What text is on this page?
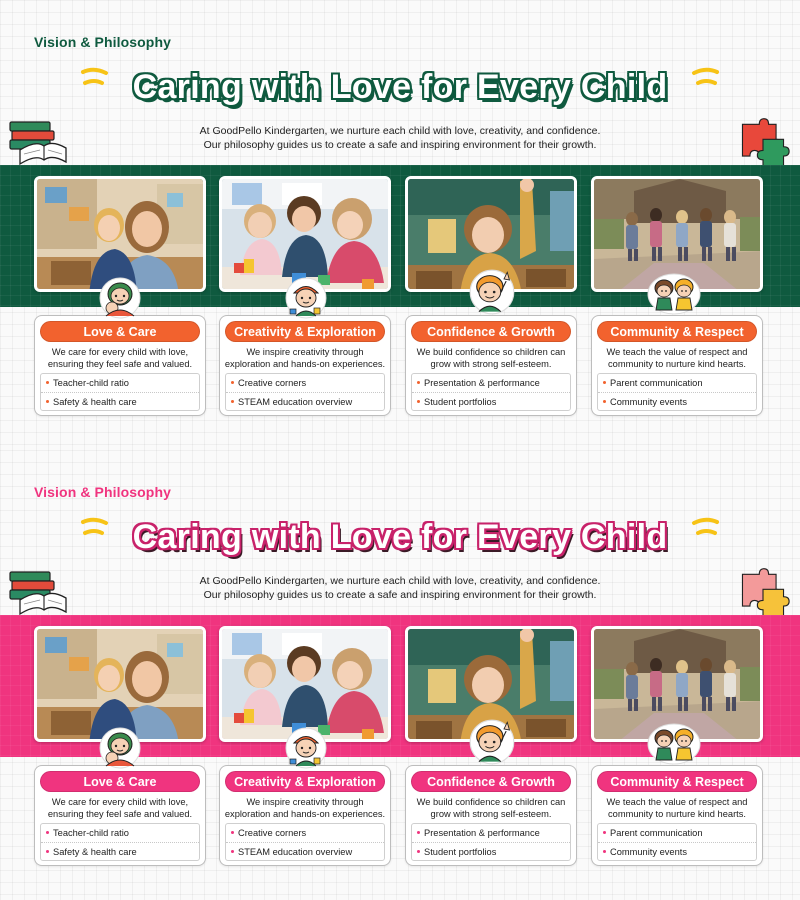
Vision & Philosophy
Caring with Love for Every Child
At GoodPello Kindergarten, we nurture each child with love, creativity, and confidence.
Our philosophy guides us to create a safe and inspiring environment for their growth.
Love & Care
We care for every child with love,
ensuring they feel safe and valued.
Teacher-child ratio
Safety & health care
Creativity & Exploration
We inspire creativity through
exploration and hands-on experiences.
Creative corners
STEAM education overview
Confidence & Growth
We build confidence so children can
grow with strong self-esteem.
Presentation & performance
Student portfolios
Community & Respect
We teach the value of respect and
community to nurture kind hearts.
Parent communication
Community events
Vision & Philosophy
Caring with Love for Every Child
At GoodPello Kindergarten, we nurture each child with love, creativity, and confidence.
Our philosophy guides us to create a safe and inspiring environment for their growth.
Love & Care
We care for every child with love,
ensuring they feel safe and valued.
Teacher-child ratio
Safety & health care
Creativity & Exploration
We inspire creativity through
exploration and hands-on experiences.
Creative corners
STEAM education overview
Confidence & Growth
We build confidence so children can
grow with strong self-esteem.
Presentation & performance
Student portfolios
Community & Respect
We teach the value of respect and
community to nurture kind hearts.
Parent communication
Community events
